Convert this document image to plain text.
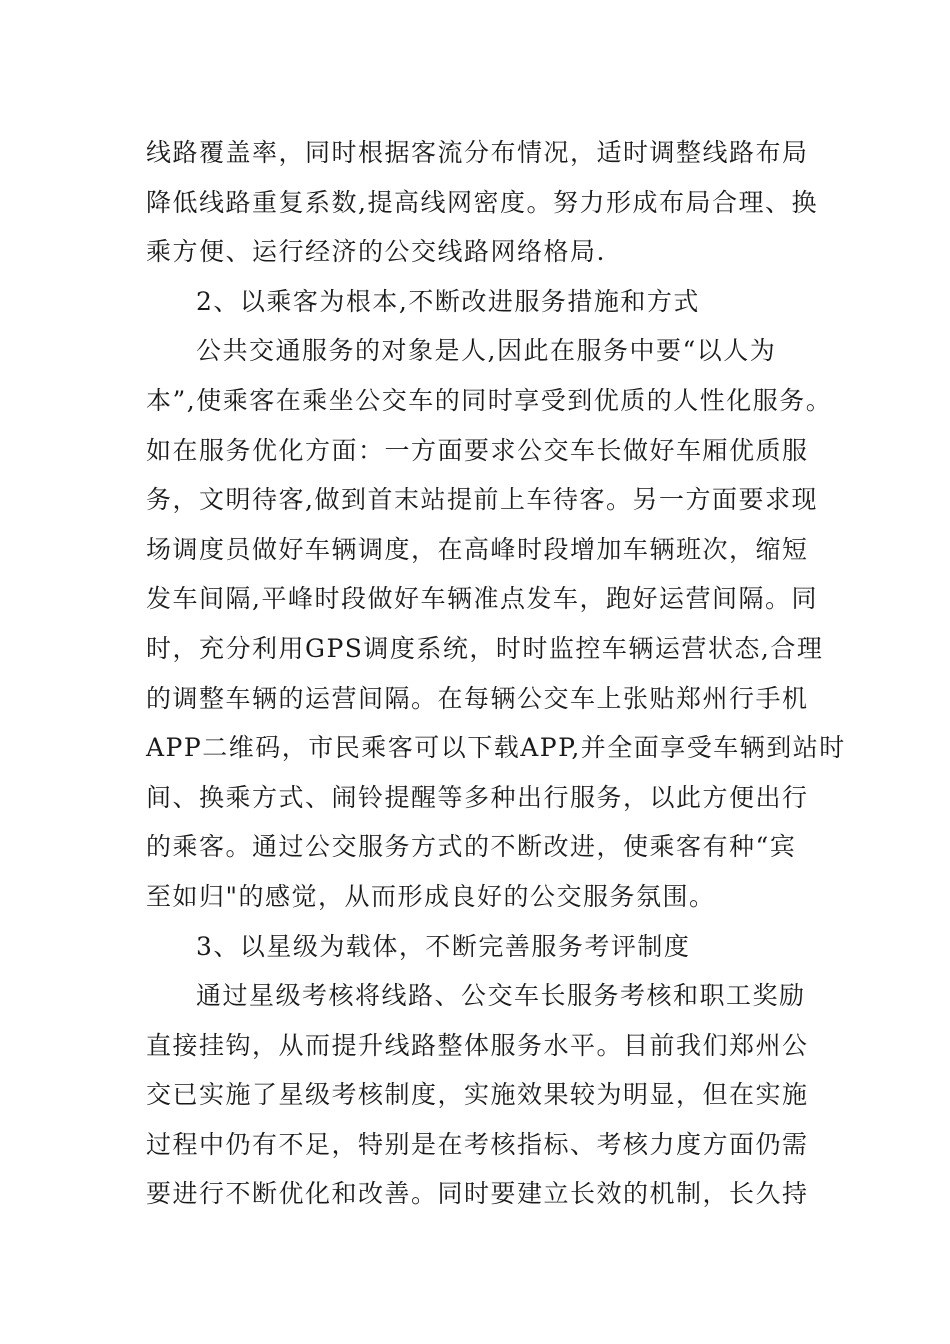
线路覆盖率，同时根据客流分布情况，适时调整线路布局
降低线路重复系数,提高线网密度。努力形成布局合理、换
乘方便、运行经济的公交线路网络格局.
2、以乘客为根本,不断改进服务措施和方式
公共交通服务的对象是人,因此在服务中要“以人为
本”,使乘客在乘坐公交车的同时享受到优质的人性化服务。
如在服务优化方面：一方面要求公交车长做好车厢优质服
务，文明待客,做到首末站提前上车待客。另一方面要求现
场调度员做好车辆调度，在高峰时段增加车辆班次，缩短
发车间隔,平峰时段做好车辆准点发车，跑好运营间隔。同
时，充分利用GPS调度系统，时时监控车辆运营状态,合理
的调整车辆的运营间隔。在每辆公交车上张贴郑州行手机
APP二维码，市民乘客可以下载APP,并全面享受车辆到站时
间、换乘方式、闹铃提醒等多种出行服务，以此方便出行
的乘客。通过公交服务方式的不断改进，使乘客有种“宾
至如归"的感觉，从而形成良好的公交服务氛围。
3、以星级为载体，不断完善服务考评制度
通过星级考核将线路、公交车长服务考核和职工奖励
直接挂钩，从而提升线路整体服务水平。目前我们郑州公
交已实施了星级考核制度，实施效果较为明显，但在实施
过程中仍有不足，特别是在考核指标、考核力度方面仍需
要进行不断优化和改善。同时要建立长效的机制，长久持
